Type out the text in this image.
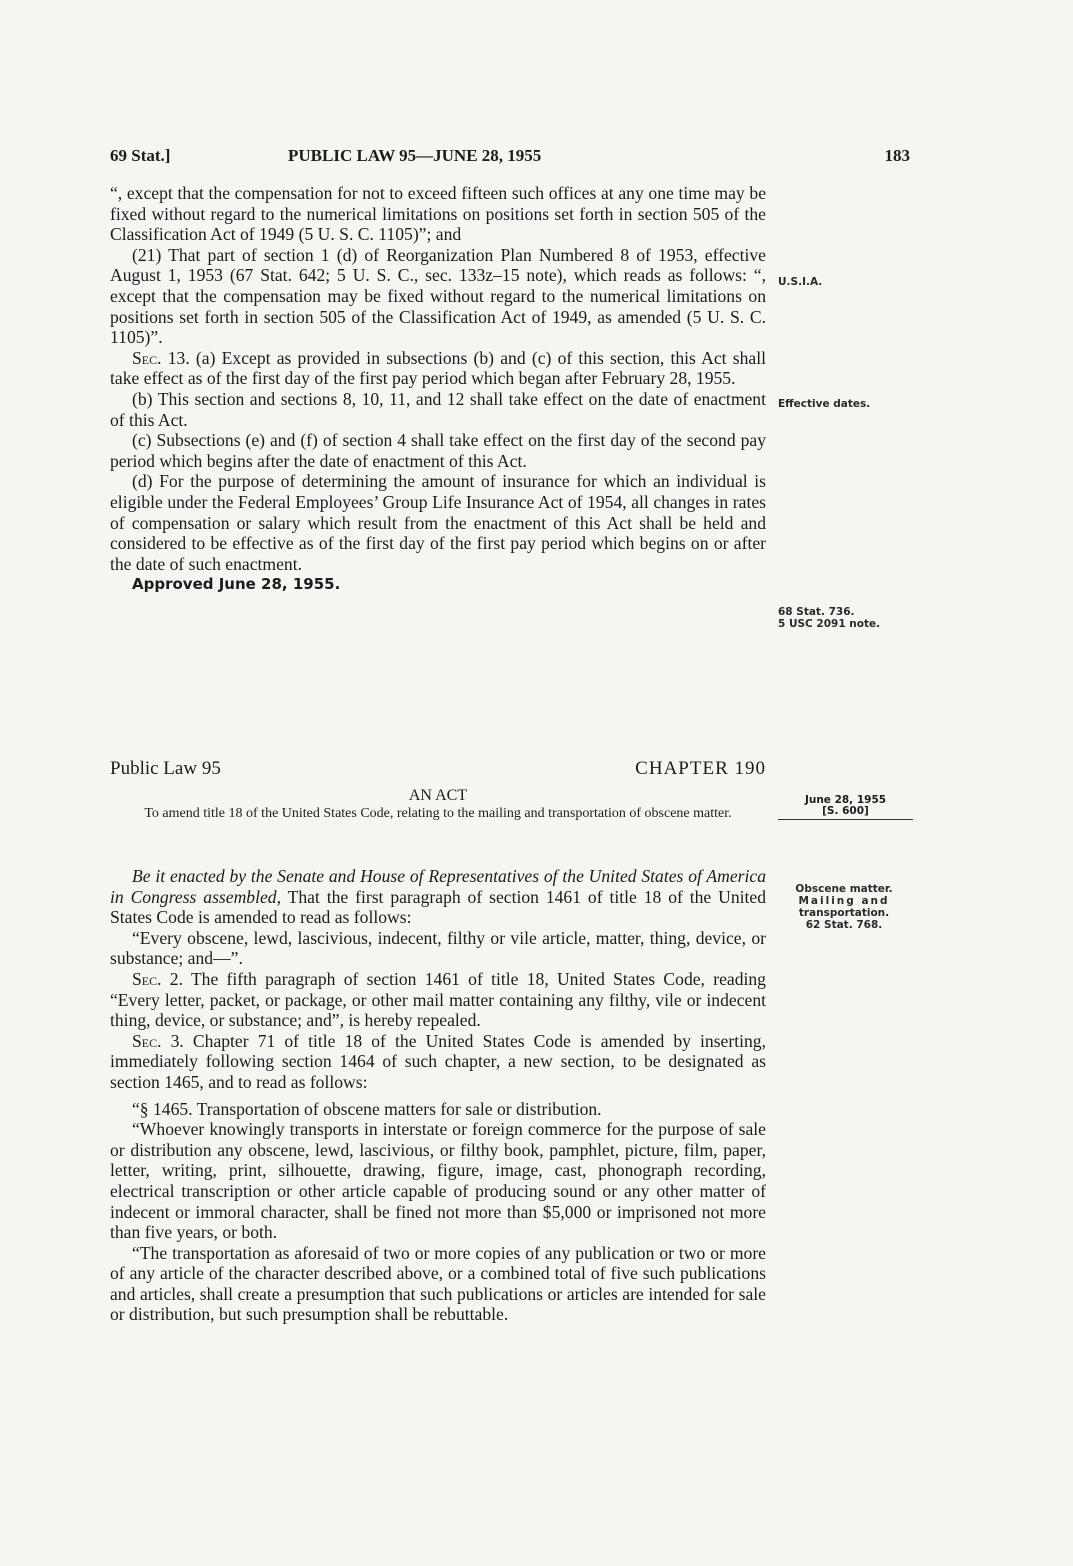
69 Stat.]	PUBLIC LAW 95—JUNE 28, 1955	183

“, except that the compensation for not to exceed fifteen such offices at any one time may be fixed without regard to the numerical limitations on positions set forth in section 505 of the Classification Act of 1949 (5 U. S. C. 1105)”; and

(21) That part of section 1 (d) of Reorganization Plan Numbered 8 of 1953, effective August 1, 1953 (67 Stat. 642; 5 U. S. C., sec. 133z–15 note), which reads as follows: “, except that the compensation may be fixed without regard to the numerical limitations on positions set forth in section 505 of the Classification Act of 1949, as amended (5 U. S. C. 1105)”.

Sec. 13. (a) Except as provided in subsections (b) and (c) of this section, this Act shall take effect as of the first day of the first pay period which began after February 28, 1955.

(b) This section and sections 8, 10, 11, and 12 shall take effect on the date of enactment of this Act.

(c) Subsections (e) and (f) of section 4 shall take effect on the first day of the second pay period which begins after the date of enactment of this Act.

(d) For the purpose of determining the amount of insurance for which an individual is eligible under the Federal Employees’ Group Life Insurance Act of 1954, all changes in rates of compensation or salary which result from the enactment of this Act shall be held and considered to be effective as of the first day of the first pay period which begins on or after the date of such enactment.

Approved June 28, 1955.

U.S.I.A.
Effective dates.
68 Stat. 736.
5 USC 2091 note.
Public Law 95	CHAPTER 190
AN ACT
To amend title 18 of the United States Code, relating to the mailing and transportation of obscene matter.
June 28, 1955
[S. 600]
Obscene matter.
Mailing and
transportation.
62 Stat. 768.

Be it enacted by the Senate and House of Representatives of the United States of America in Congress assembled, That the first paragraph of section 1461 of title 18 of the United States Code is amended to read as follows:

“Every obscene, lewd, lascivious, indecent, filthy or vile article, matter, thing, device, or substance; and—”.

Sec. 2. The fifth paragraph of section 1461 of title 18, United States Code, reading “Every letter, packet, or package, or other mail matter containing any filthy, vile or indecent thing, device, or substance; and”, is hereby repealed.

Sec. 3. Chapter 71 of title 18 of the United States Code is amended by inserting, immediately following section 1464 of such chapter, a new section, to be designated as section 1465, and to read as follows:

“§ 1465. Transportation of obscene matters for sale or distribution.

“Whoever knowingly transports in interstate or foreign commerce for the purpose of sale or distribution any obscene, lewd, lascivious, or filthy book, pamphlet, picture, film, paper, letter, writing, print, silhouette, drawing, figure, image, cast, phonograph recording, electrical transcription or other article capable of producing sound or any other matter of indecent or immoral character, shall be fined not more than $5,000 or imprisoned not more than five years, or both.

“The transportation as aforesaid of two or more copies of any publication or two or more of any article of the character described above, or a combined total of five such publications and articles, shall create a presumption that such publications or articles are intended for sale or distribution, but such presumption shall be rebuttable.
